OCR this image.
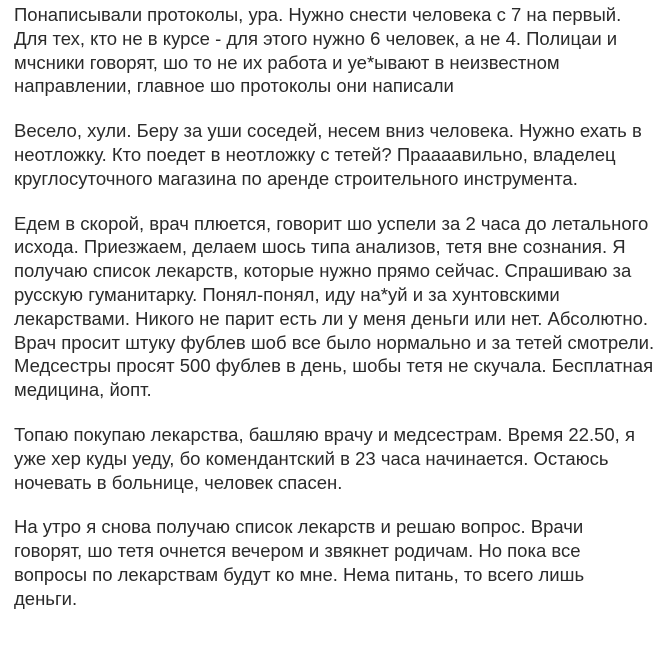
Понаписывали протоколы, ура. Нужно снести человека с 7 на первый.
Для тех, кто не в курсе - для этого нужно 6 человек, а не 4. Полицаи и
мчсники говорят, шо то не их работа и уе*ывают в неизвестном
направлении, главное шо протоколы они написали

Весело, хули. Беру за уши соседей, несем вниз человека. Нужно ехать в
неотложку. Кто поедет в неотложку с тетей? Праааавильно, владелец
круглосуточного магазина по аренде строительного инструмента.

Едем в скорой, врач плюется, говорит шо успели за 2 часа до летального
исхода. Приезжаем, делаем шось типа анализов, тетя вне сознания. Я
получаю список лекарств, которые нужно прямо сейчас. Спрашиваю за
русскую гуманитарку. Понял-понял, иду на*уй и за хунтовскими
лекарствами. Никого не парит есть ли у меня деньги или нет. Абсолютно.
Врач просит штуку фублев шоб все было нормально и за тетей смотрели.
Медсестры просят 500 фублев в день, шобы тетя не скучала. Бесплатная
медицина, йопт.

Топаю покупаю лекарства, башляю врачу и медсестрам. Время 22.50, я
уже хер куды уеду, бо комендантский в 23 часа начинается. Остаюсь
ночевать в больнице, человек спасен.

На утро я снова получаю список лекарств и решаю вопрос. Врачи
говорят, шо тетя очнется вечером и звякнет родичам. Но пока все
вопросы по лекарствам будут ко мне. Нема питань, то всего лишь
деньги.
